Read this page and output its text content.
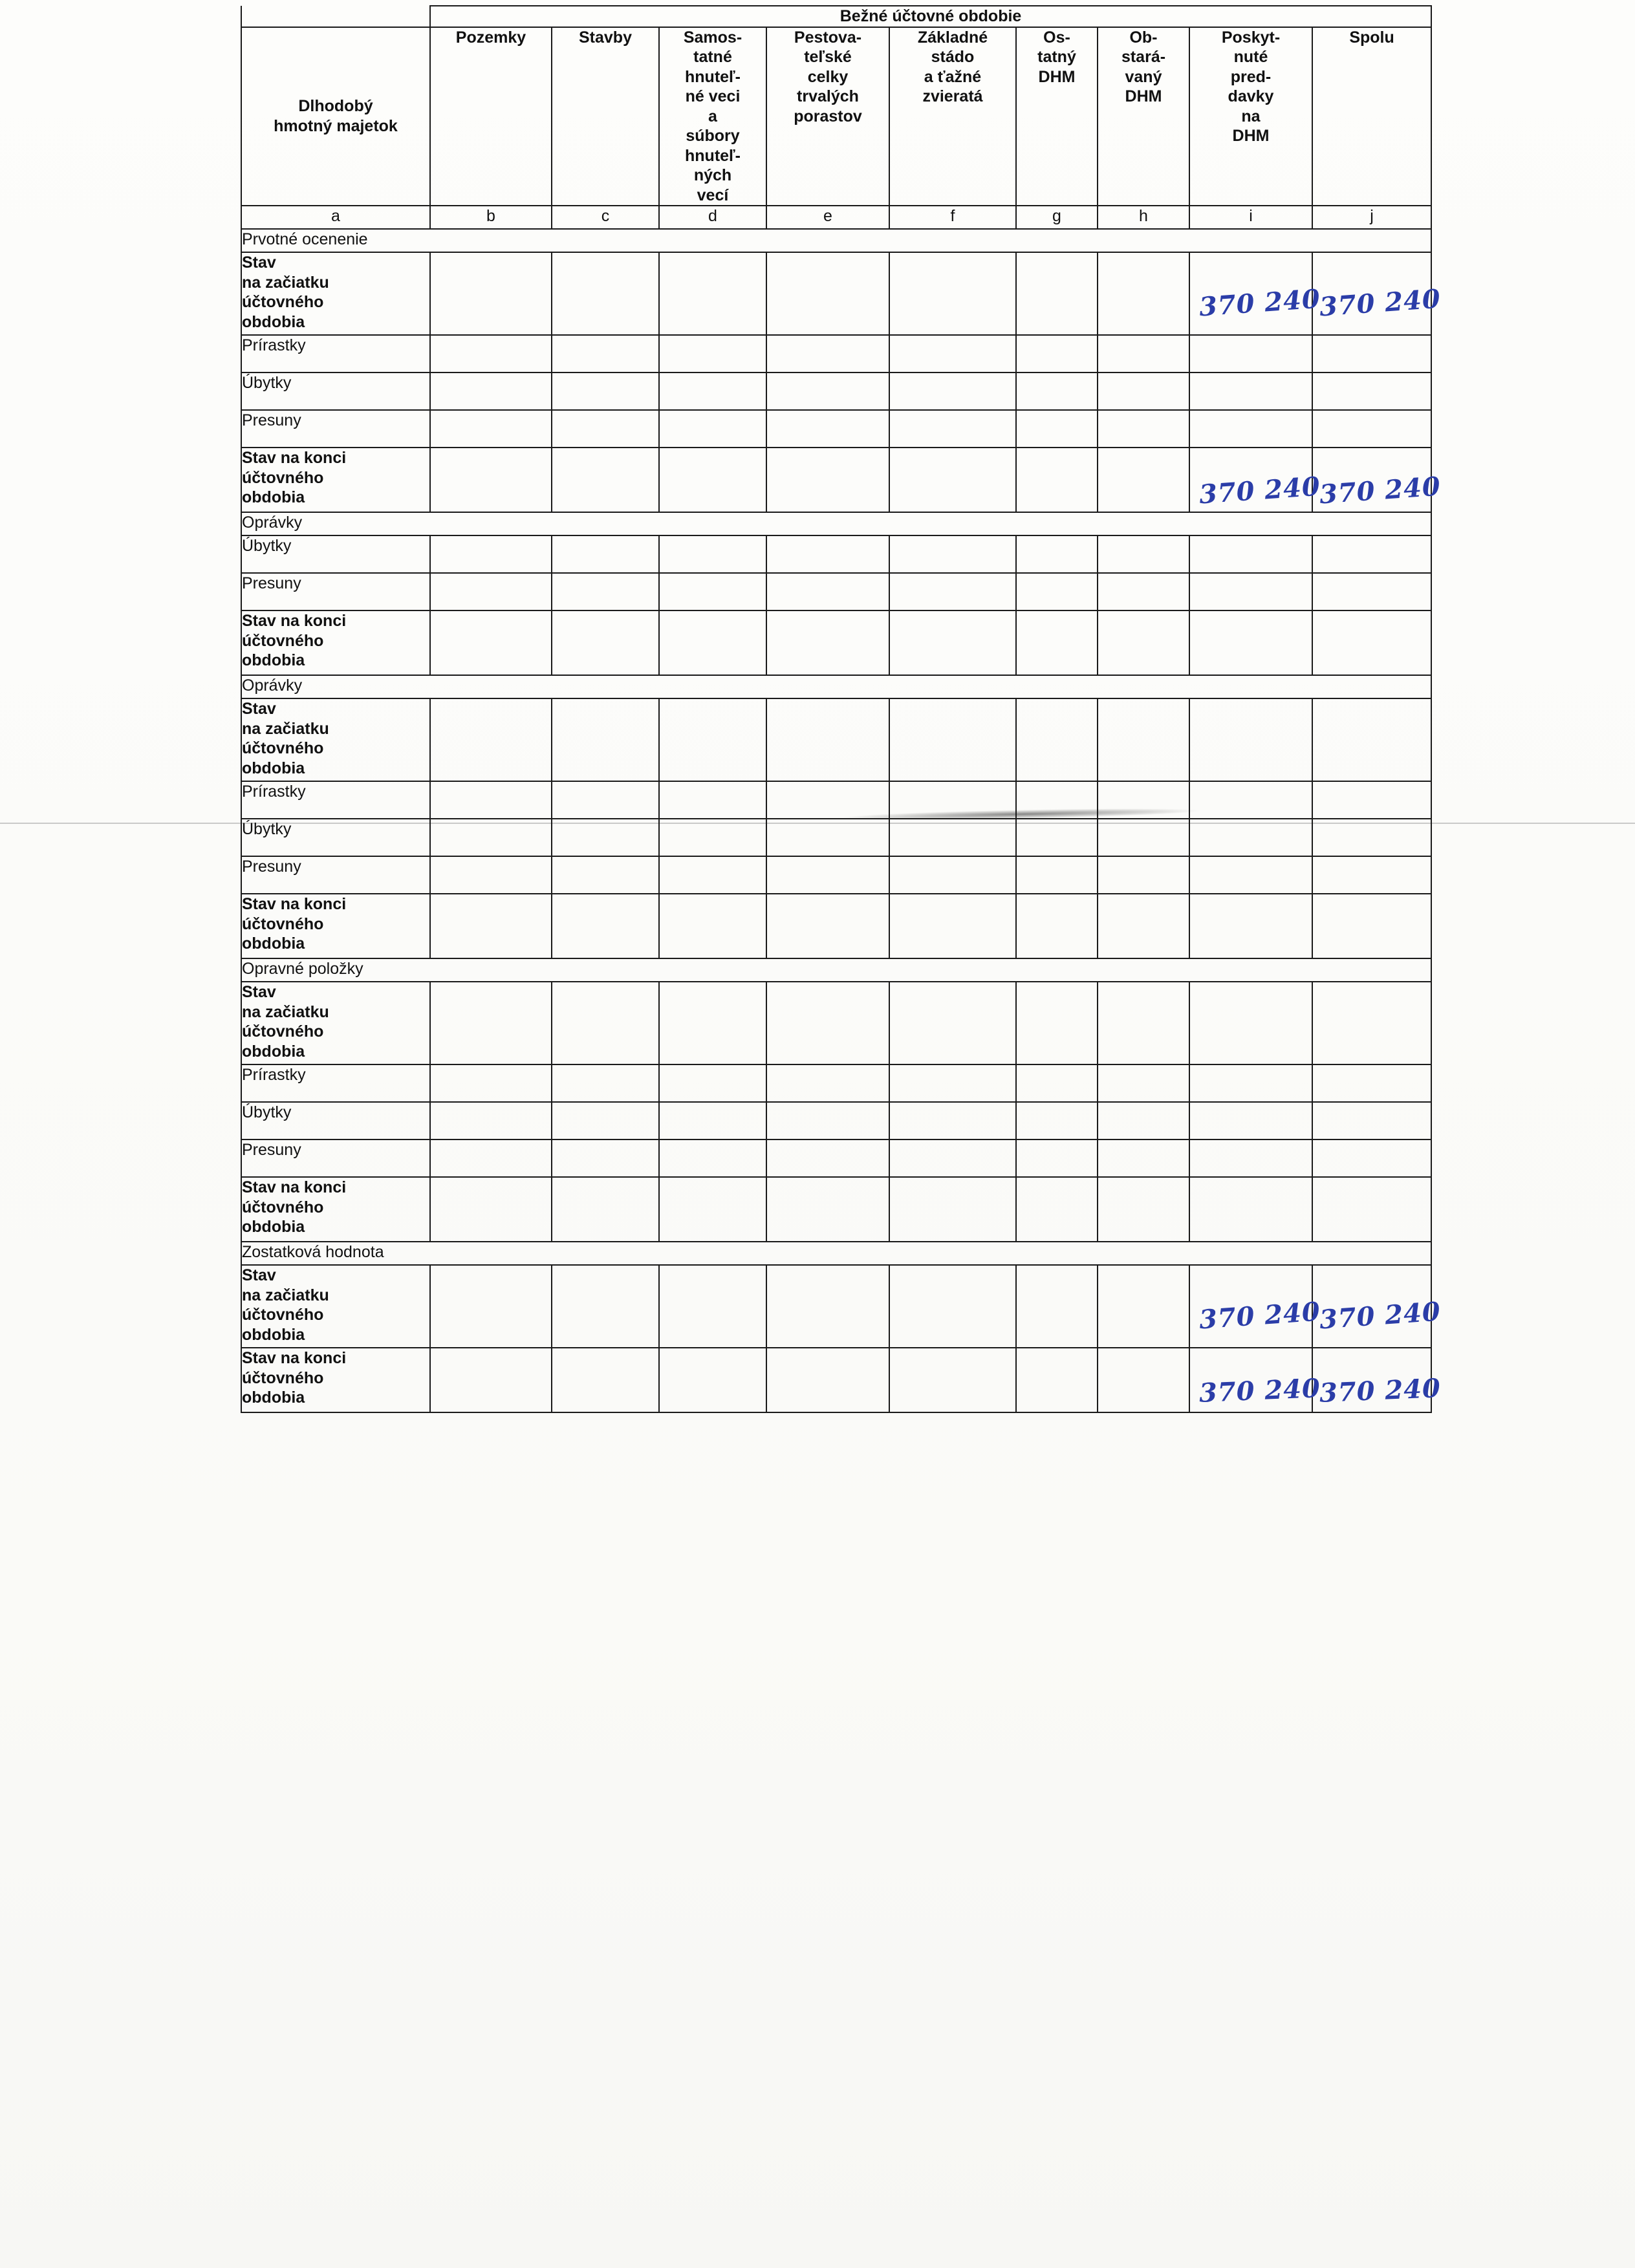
	Bežné účtovné obdobie								
Dlhodobý
hmotný majetok	Pozemky	Stavby	Samos-
tatné
hnuteľ-
né veci
a
súbory
hnuteľ-
ných
vecí	Pestova-
teľské
celky
trvalých
porastov	Základné
stádo
a ťažné
zvieratá	Os-
tatný
DHM	Ob-
stará-
vaný
DHM	Poskyt-
nuté
pred-
davky
na
DHM	Spolu
a	b	c	d	e	f	g	h	i	j
Prvotné ocenenie									
Stav
na začiatku
účtovného
obdobia								370 240	370 240

Prírastky									
Úbytky									
Presuny									
Stav na konci
účtovného
obdobia								370 240	370 240

Oprávky									
Úbytky									
Presuny									
Stav na konci
účtovného
obdobia									
Oprávky									
Stav
na začiatku
účtovného
obdobia									
Prírastky									
Úbytky									
Presuny									
Stav na konci
účtovného
obdobia									
Opravné položky									
Stav
na začiatku
účtovného
obdobia									
Prírastky									
Úbytky									
Presuny									
Stav na konci
účtovného
obdobia									
Zostatková hodnota									
Stav
na začiatku
účtovného
obdobia								370 240	370 240

Stav na konci
účtovného
obdobia								370 240	370 240
